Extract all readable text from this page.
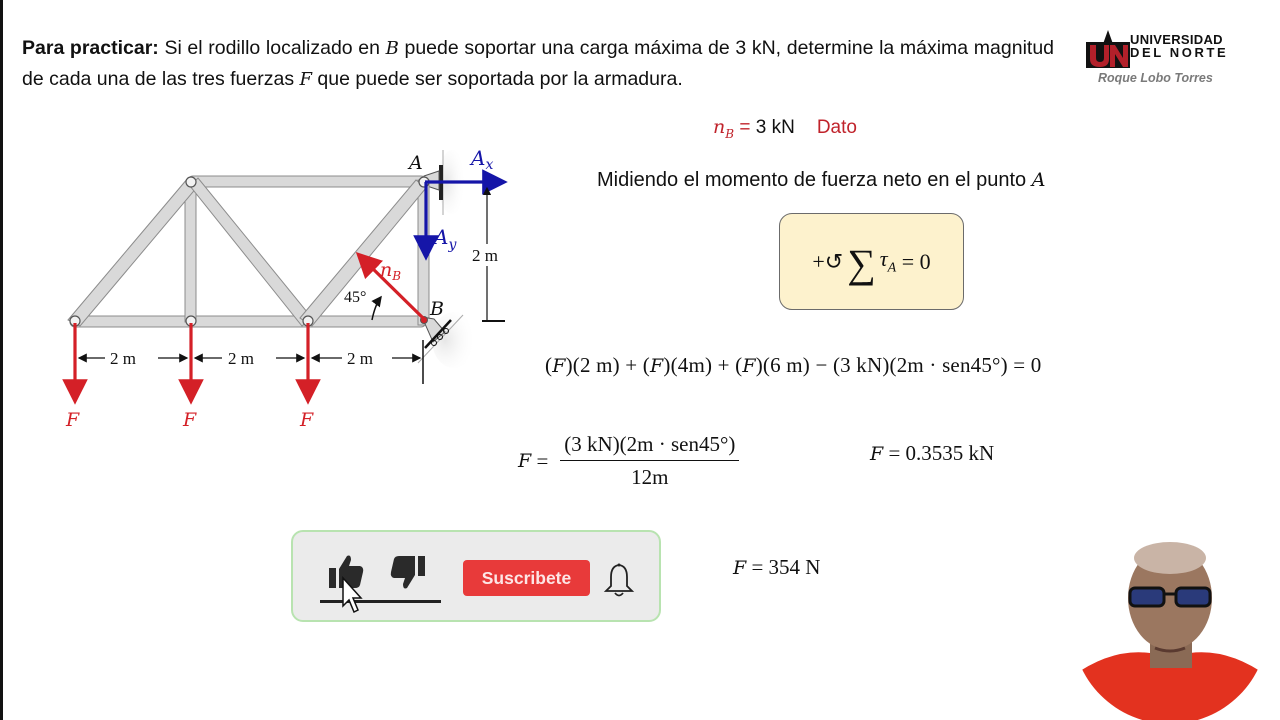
Para practicar: Si el rodillo localizado en B puede soportar una carga máxima de 3 kN, determine la máxima magnitud de cada una de las tres fuerzas F que puede ser soportada por la armadura.
UNIVERSIDAD
DEL NORTE
Roque Lobo Torres
$n_B$
45°
$A_x$
$A_y$
A
B
2 m
F	F	F
2 m	2 m	2 m
$n_B = 3$ kN Dato
Midiendo el momento de fuerza neto en el punto A
+↺ ∑ $\tau_A = 0$
(F)(2 m) + (F)(4m) + (F)(6 m) − (3 kN)(2m · sen45°) = 0
$F = \frac{\text{(3 kN)(2m · sen45°)}}{12m}$	F = 0.3535 kN
F = 354 N
Suscribete
